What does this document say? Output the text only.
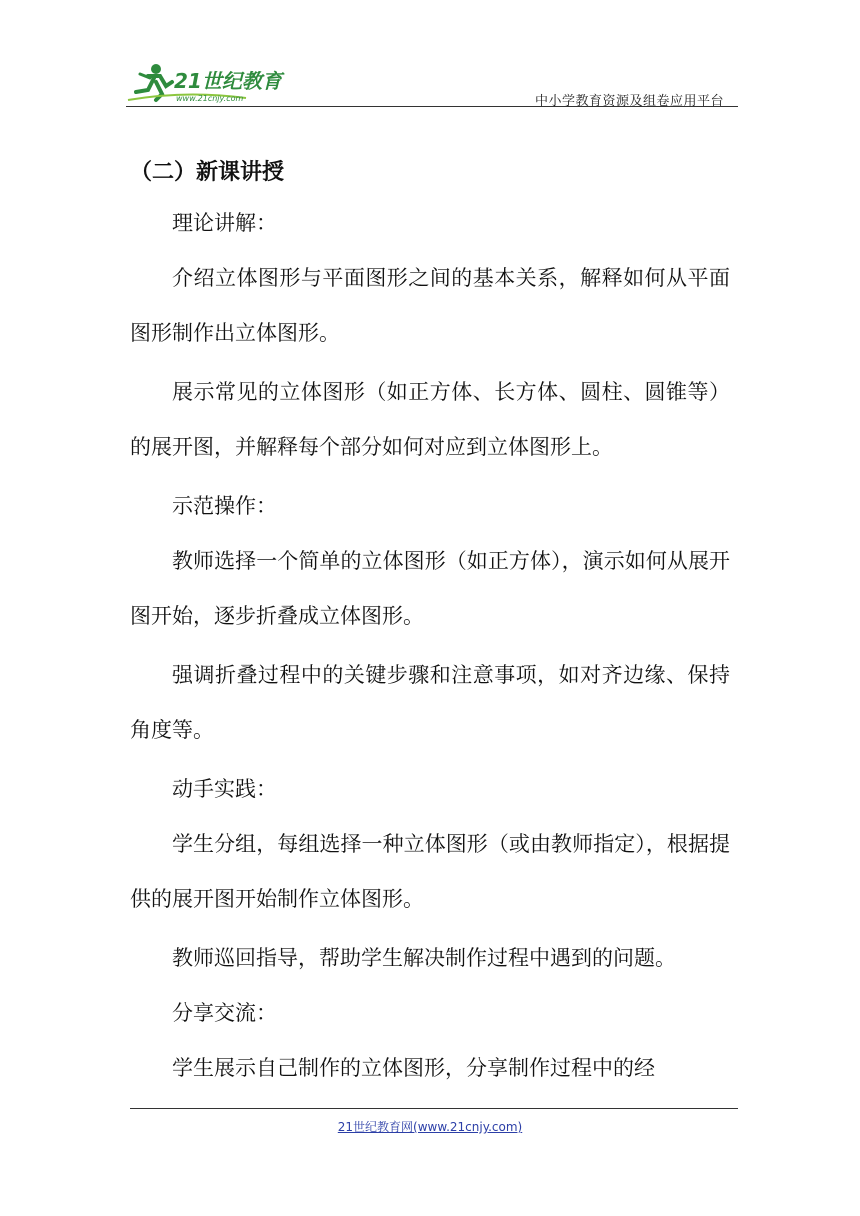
21世纪教育
www.21cnjy.com	中小学教育资源及组卷应用平台
（二）新课讲授

理论讲解：

介绍立体图形与平面图形之间的基本关系，解释如何从平面图形制作出立体图形。

展示常见的立体图形（如正方体、长方体、圆柱、圆锥等）的展开图，并解释每个部分如何对应到立体图形上。

示范操作：

教师选择一个简单的立体图形（如正方体），演示如何从展开图开始，逐步折叠成立体图形。

强调折叠过程中的关键步骤和注意事项，如对齐边缘、保持角度等。

动手实践：

学生分组，每组选择一种立体图形（或由教师指定），根据提供的展开图开始制作立体图形。

教师巡回指导，帮助学生解决制作过程中遇到的问题。

分享交流：

学生展示自己制作的立体图形，分享制作过程中的经

21世纪教育网(www.21cnjy.com)
